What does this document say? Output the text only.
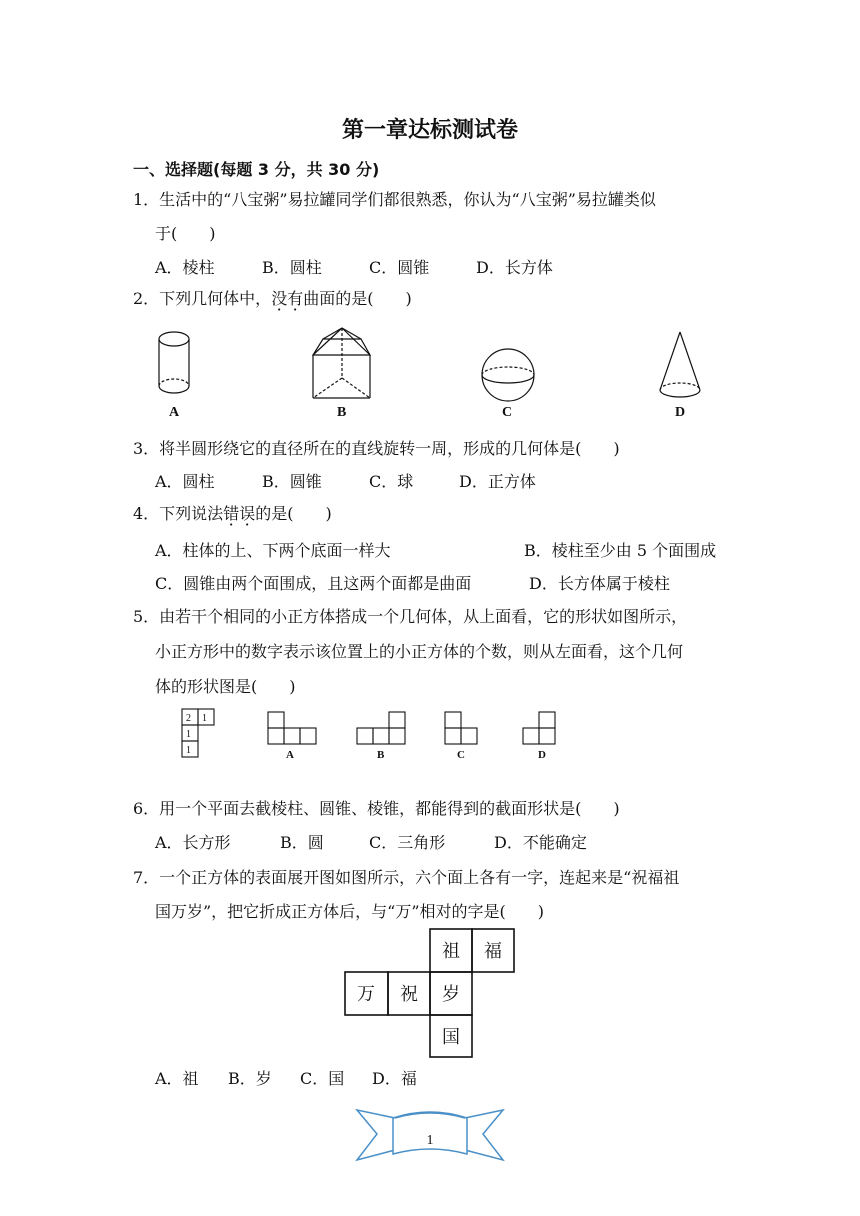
第一章达标测试卷
一、选择题(每题 3 分，共 30 分)
1．生活中的“八宝粥”易拉罐同学们都很熟悉，你认为“八宝粥”易拉罐类似
于(　　)
A．棱柱	B．圆柱	C．圆锥	D．长方体
2．下列几何体中，没有曲面的是(　　)
A	B	C	D
3．将半圆形绕它的直径所在的直线旋转一周，形成的几何体是(　　)
A．圆柱	B．圆锥	C．球	D．正方体
4．下列说法错误的是(　　)
A．柱体的上、下两个底面一样大	B．棱柱至少由 5 个面围成
C．圆锥由两个面围成，且这两个面都是曲面	D．长方体属于棱柱
5．由若干个相同的小正方体搭成一个几何体，从上面看，它的形状如图所示，
小正方形中的数字表示该位置上的小正方体的个数，则从左面看，这个几何
体的形状图是(　　)
2 1
1
1	A	B	C	D
6．用一个平面去截棱柱、圆锥、棱锥，都能得到的截面形状是(　　)
A．长方形	B．圆	C．三角形	D．不能确定
7．一个正方体的表面展开图如图所示，六个面上各有一字，连起来是“祝福祖
国万岁”，把它折成正方体后，与“万”相对的字是(　　)
祖 福
万 祝 岁
国
A．祖 B．岁 C．国 D．福
1
